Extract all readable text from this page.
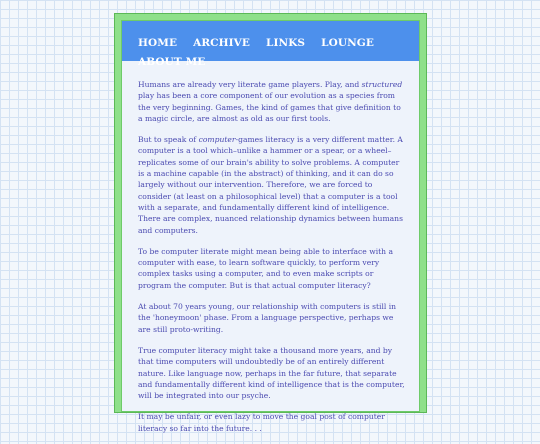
HOME ARCHIVE LINKS LOUNGE
ABOUT ME

Humans are already very literate game players. Play, and structured play has been a core component of our evolution as a species from the very beginning. Games, the kind of games that give definition to a magic circle, are almost as old as our first tools.

But to speak of computer-games literacy is a very different matter. A computer is a tool which–unlike a hammer or a spear, or a wheel–replicates some of our brain's ability to solve problems. A computer is a machine capable (in the abstract) of thinking, and it can do so largely without our intervention. Therefore, we are forced to consider (at least on a philosophical level) that a computer is a tool with a separate, and fundamentally different kind of intelligence. There are complex, nuanced relationship dynamics between humans and computers.

To be computer literate might mean being able to interface with a computer with ease, to learn software quickly, to perform very complex tasks using a computer, and to even make scripts or program the computer. But is that actual computer literacy?

At about 70 years young, our relationship with computers is still in the 'honeymoon' phase. From a language perspective, perhaps we are still proto-writing.

True computer literacy might take a thousand more years, and by that time computers will undoubtedly be of an entirely different nature. Like language now, perhaps in the far future, that separate and fundamentally different kind of intelligence that is the computer, will be integrated into our psyche.

It may be unfair, or even lazy to move the goal post of computer literacy so far into the future. . .
